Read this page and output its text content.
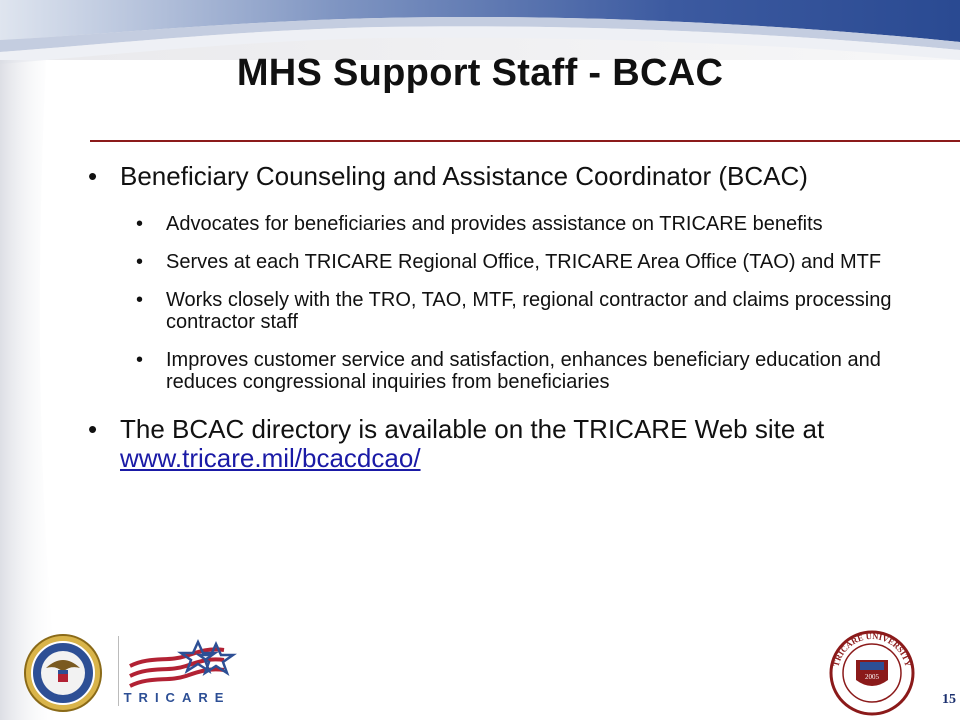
MHS Support Staff - BCAC
• Beneficiary Counseling and Assistance Coordinator (BCAC)
• Advocates for beneficiaries and provides assistance on TRICARE benefits
• Serves at each TRICARE Regional Office, TRICARE Area Office (TAO) and MTF
• Works closely with the TRO, TAO, MTF, regional contractor and claims processing contractor staff
• Improves customer service and satisfaction, enhances beneficiary education and reduces congressional inquiries from beneficiaries
• The BCAC directory is available on the TRICARE Web site at www.tricare.mil/bcacdcao/
TRICARE
2005
TRICARE UNIVERSITY
15
